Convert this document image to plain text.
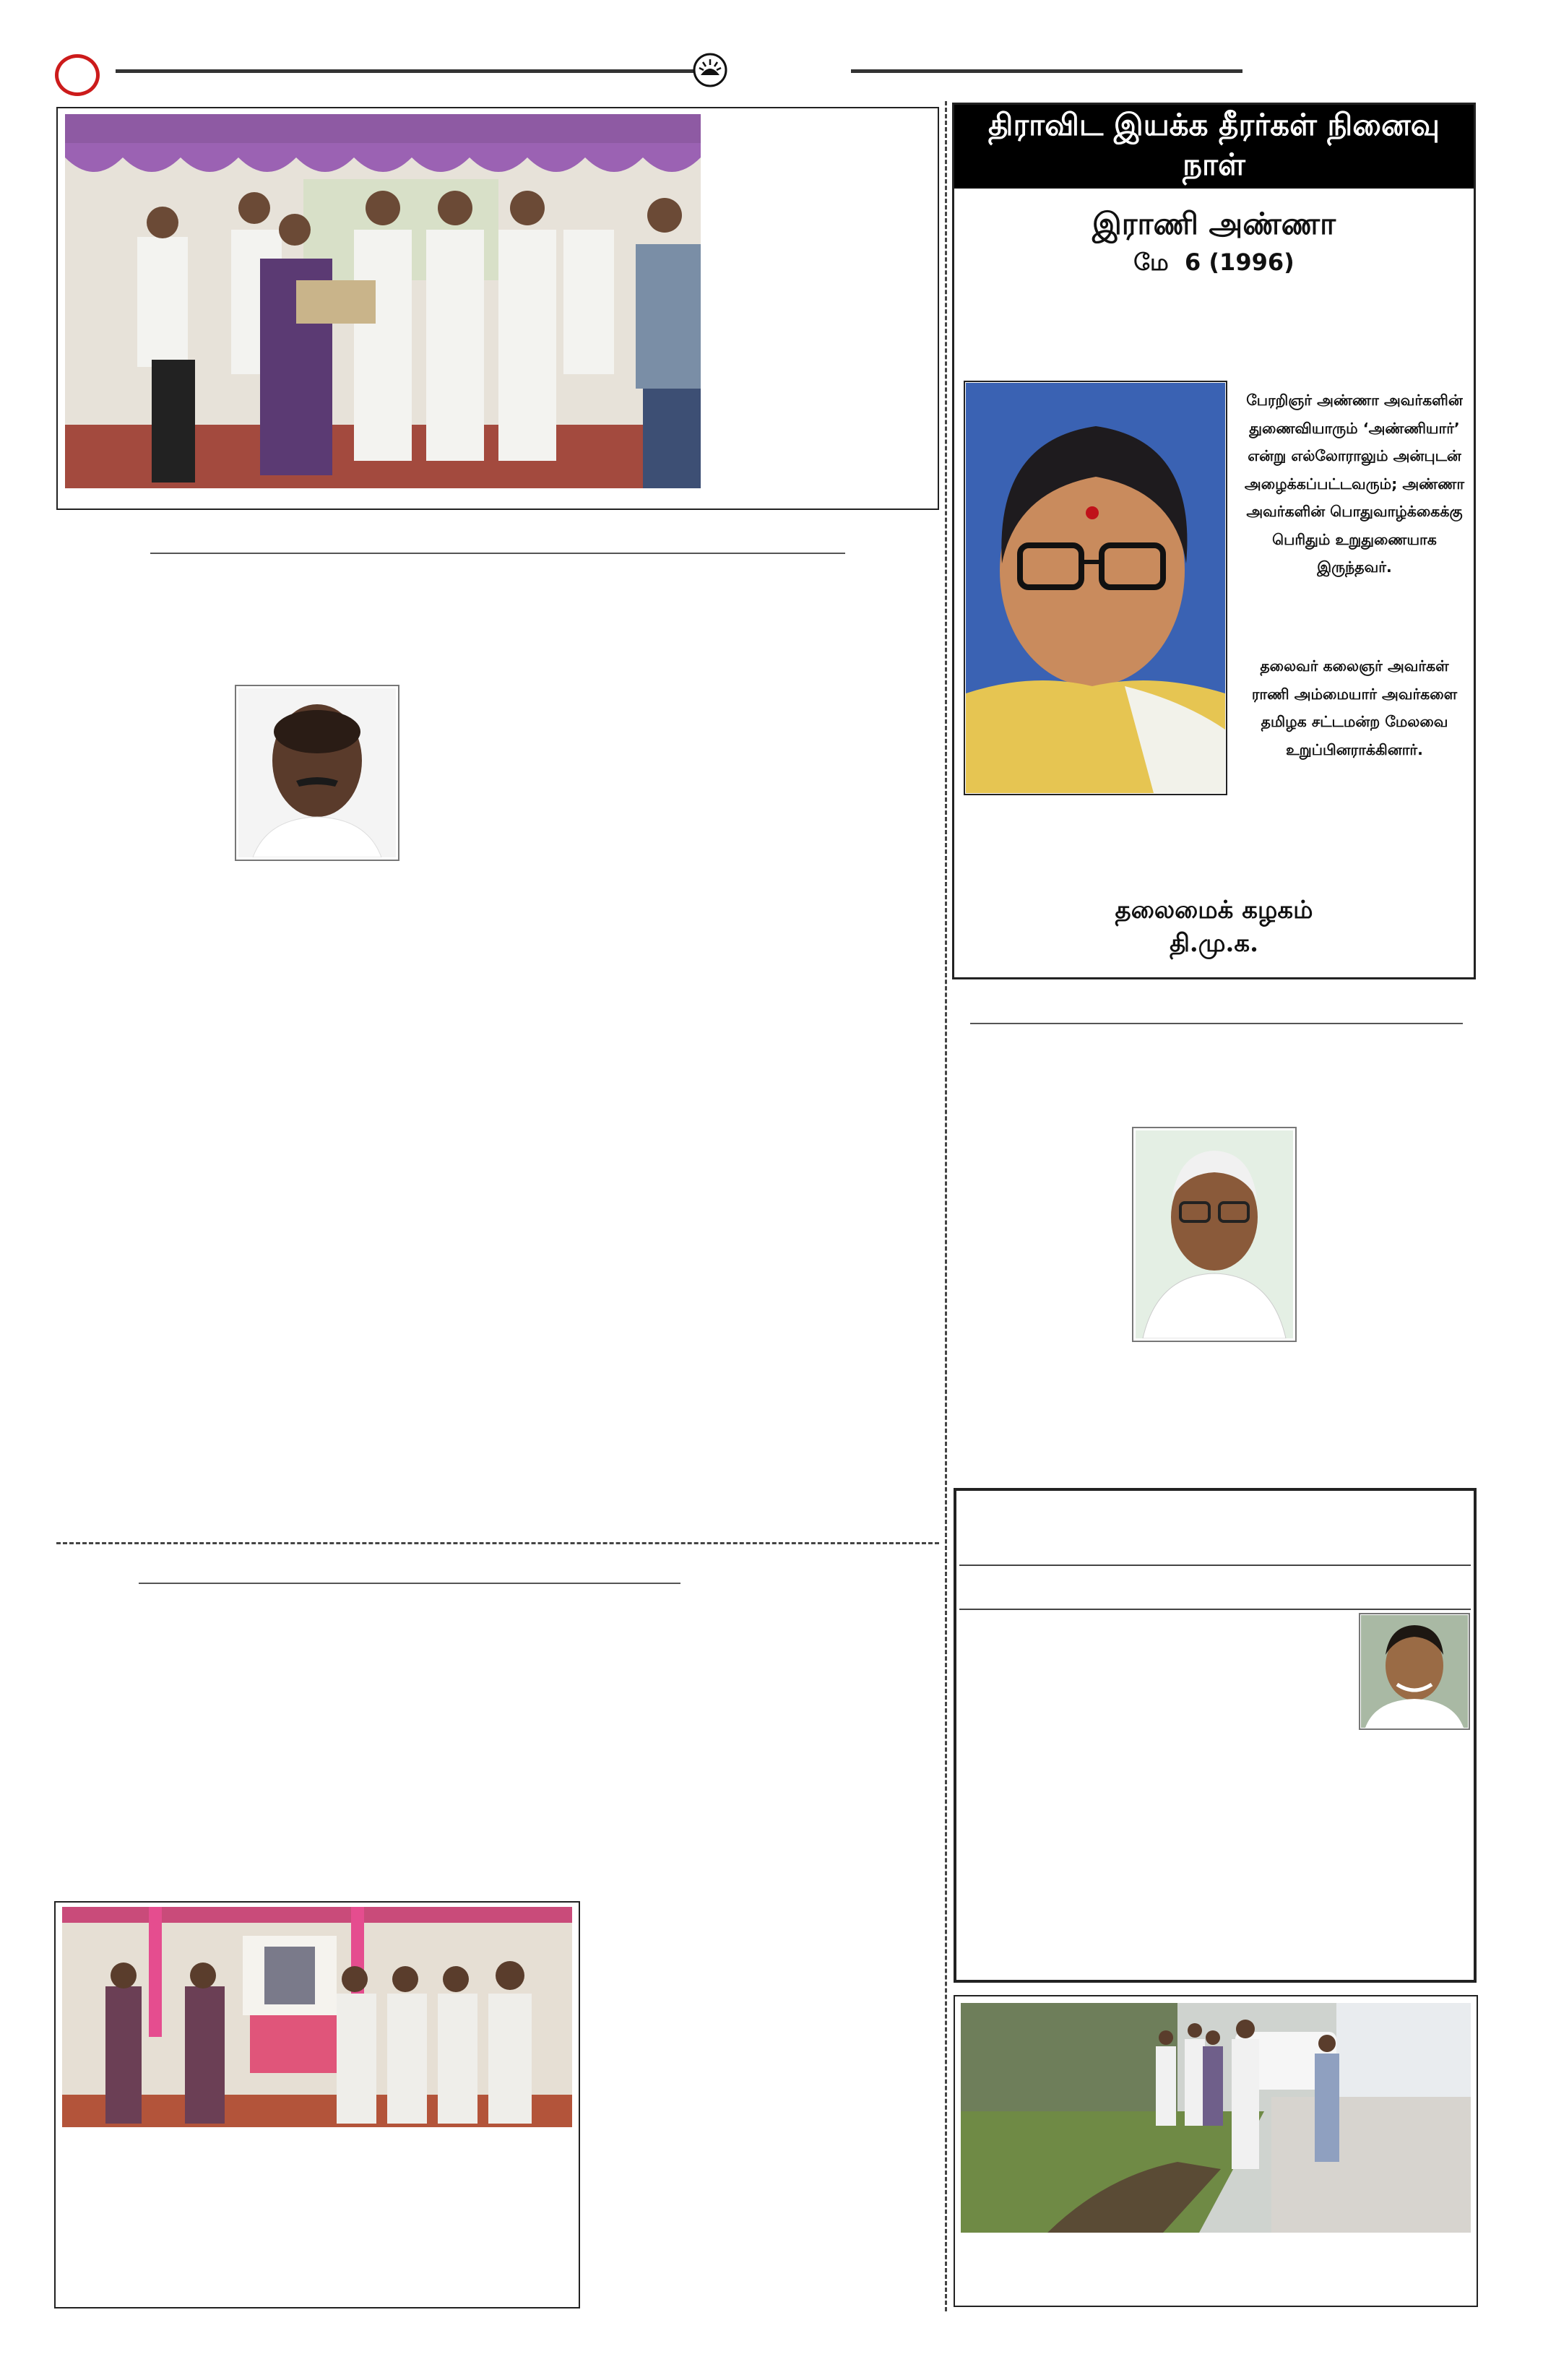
திராவிட இயக்க தீரர்கள் நினைவு நாள்
இராணி அண்ணா
மே  6 (1996)
பேரறிஞர் அண்ணா அவர்களின் துணைவியாரும் ‘அண்ணியார்’ என்று எல்லோராலும் அன்புடன் அழைக்கப்பட்டவரும்; அண்ணா அவர்களின் பொதுவாழ்க்கைக்கு பெரிதும் உறுதுணையாக இருந்தவர்.
தலைவர் கலைஞர் அவர்கள் ராணி அம்மையார் அவர்களை தமிழக சட்டமன்ற மேலவை உறுப்பினராக்கினார்.
தலைமைக் கழகம்
தி.மு.க.
